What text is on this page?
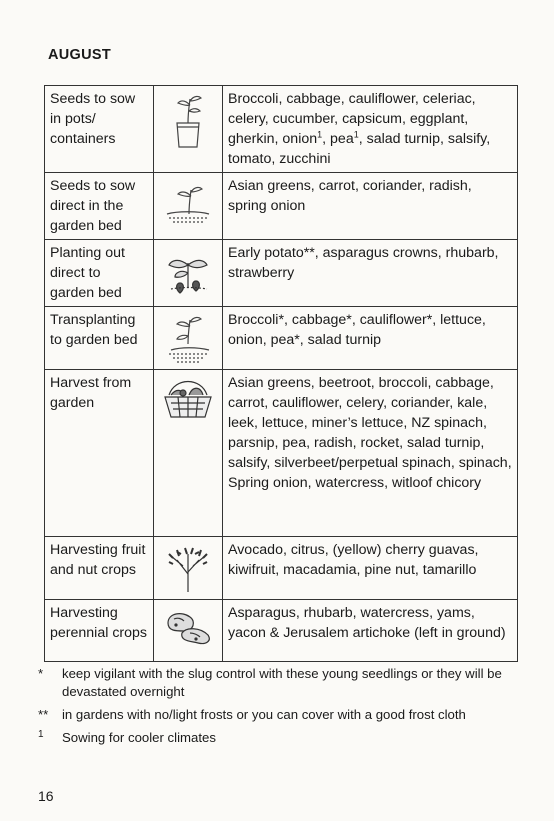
AUGUST
Seeds to sow in pots/ containers		Broccoli, cabbage, cauliflower, celeriac, celery, cucumber, capsicum, eggplant, gherkin, onion$^1$, pea$^1$, salad turnip, salsify, tomato, zucchini
Seeds to sow direct in the garden bed		Asian greens, carrot, coriander, radish, spring onion
Planting out direct to garden bed		Early potato**, asparagus crowns, rhubarb, strawberry
Transplanting to garden bed		Broccoli*, cabbage*, cauliflower*, lettuce, onion, pea*, salad turnip
Harvest from garden		Asian greens, beetroot, broccoli, cabbage, carrot, cauliflower, celery, coriander, kale, leek, lettuce, miner’s lettuce, NZ spinach, parsnip, pea, radish, rocket, salad turnip, salsify, silverbeet/perpetual spinach, spinach, Spring onion, watercress, witloof chicory
Harvesting fruit and nut crops		Avocado, citrus, (yellow) cherry guavas, kiwifruit, macadamia, pine nut, tamarillo
Harvesting perennial crops		Asparagus, rhubarb, watercress, yams, yacon & Jerusalem artichoke (left in ground)
* keep vigilant with the slug control with these young seedlings or they will be devastated overnight
** in gardens with no/light frosts or you can cover with a good frost cloth
1 Sowing for cooler climates
16
